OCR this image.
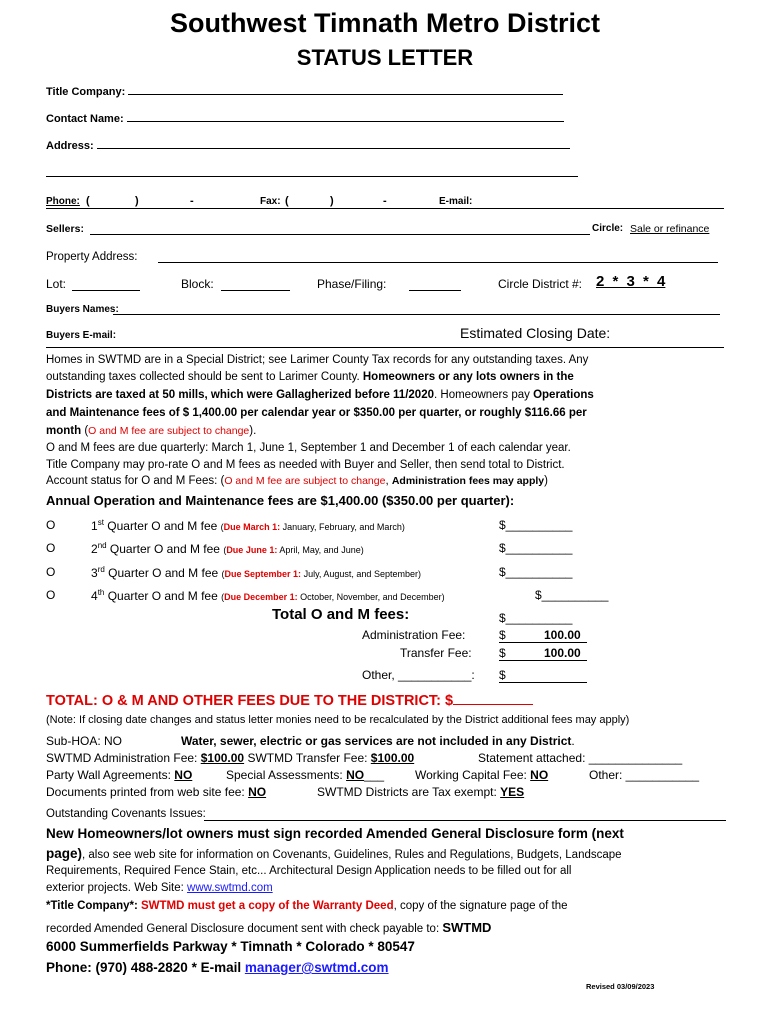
Southwest Timnath Metro District
STATUS LETTER
Title Company:
Contact Name:
Address:
Phone: (	)	-	Fax: (	)	-	E-mail:
Sellers:	Circle: Sale or refinance
Property Address:
Lot:	Block:	Phase/Filing:	Circle District #: 2 * 3 * 4
Buyers Names:
Buyers E-mail:	Estimated Closing Date:
Homes in SWTMD are in a Special District; see Larimer County Tax records for any outstanding taxes. Any
outstanding taxes collected should be sent to Larimer County. Homeowners or any lots owners in the
Districts are taxed at 50 mills, which were Gallagherized before 11/2020. Homeowners pay Operations
and Maintenance fees of $ 1,400.00 per calendar year or $350.00 per quarter, or roughly $116.66 per
month (O and M fee are subject to change).
O and M fees are due quarterly: March 1, June 1, September 1 and December 1 of each calendar year.
Title Company may pro-rate O and M fees as needed with Buyer and Seller, then send total to District.
Account status for O and M Fees: (O and M fee are subject to change, Administration fees may apply)
Annual Operation and Maintenance fees are $1,400.00 ($350.00 per quarter):
O	1st Quarter O and M fee (Due March 1: January, February, and March)	$__________
O	2nd Quarter O and M fee (Due June 1: April, May, and June)	$__________
O	3rd Quarter O and M fee (Due September 1: July, August, and September)	$__________
O	4th Quarter O and M fee (Due December 1: October, November, and December)	$__________
Total O and M fees:	$__________
Administration Fee:	$	100.00
Transfer Fee: $	100.00
Other, ___________: $
TOTAL: O & M AND OTHER FEES DUE TO THE DISTRICT: $
(Note: If closing date changes and status letter monies need to be recalculated by the District additional fees may apply)
Sub-HOA: NO	Water, sewer, electric or gas services are not included in any District.
SWTMD Administration Fee: $100.00 SWTMD Transfer Fee: $100.00	Statement attached: ______________
Party Wall Agreements: NO	Special Assessments: NO___	Working Capital Fee: NO	Other: ___________
Documents printed from web site fee: NO	SWTMD Districts are Tax exempt: YES
Outstanding Covenants Issues:
New Homeowners/lot owners must sign recorded Amended General Disclosure form (next
page), also see web site for information on Covenants, Guidelines, Rules and Regulations, Budgets, Landscape
Requirements, Required Fence Stain, etc... Architectural Design Application needs to be filled out for all
exterior projects. Web Site: www.swtmd.com
*Title Company*: SWTMD must get a copy of the Warranty Deed, copy of the signature page of the
recorded Amended General Disclosure document sent with check payable to: SWTMD
6000 Summerfields Parkway * Timnath * Colorado * 80547
Phone: (970) 488-2820 * E-mail manager@swtmd.com
Revised 03/09/2023
